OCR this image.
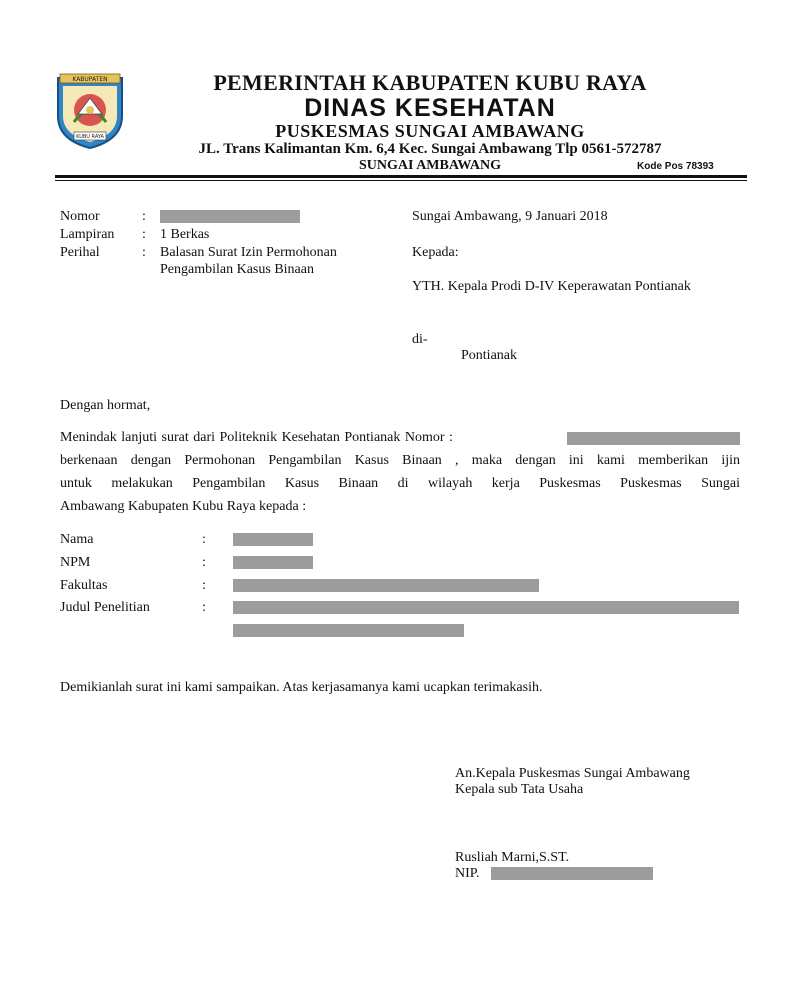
KABUPATEN
KUBU RAYA
PEMERINTAH KABUPATEN KUBU RAYA
DINAS KESEHATAN
PUSKESMAS SUNGAI AMBAWANG
JL. Trans Kalimantan Km. 6,4 Kec. Sungai Ambawang Tlp 0561-572787
SUNGAI AMBAWANG	Kode Pos 78393
Nomor	:
Lampiran : 1 Berkas
Perihal	: Balasan Surat Izin Permohonan
Pengambilan Kasus Binaan
Sungai Ambawang, 9 Januari 2018
Kepada:
YTH. Kepala Prodi D-IV Keperawatan Pontianak
di-
Pontianak
Dengan hormat,
Menindak lanjuti surat dari Politeknik Kesehatan Pontianak Nomor :
berkenaan dengan Permohonan Pengambilan Kasus Binaan , maka dengan ini kami memberikan ijin
untuk melakukan Pengambilan Kasus Binaan di wilayah kerja Puskesmas Puskesmas Sungai
Ambawang Kabupaten Kubu Raya kepada :
Nama	:
NPM	:
Fakultas	:
Judul Penelitian	:
Demikianlah surat ini kami sampaikan. Atas kerjasamanya kami ucapkan terimakasih.
An.Kepala Puskesmas Sungai Ambawang
Kepala sub Tata Usaha
Rusliah Marni,S.ST.
NIP.
